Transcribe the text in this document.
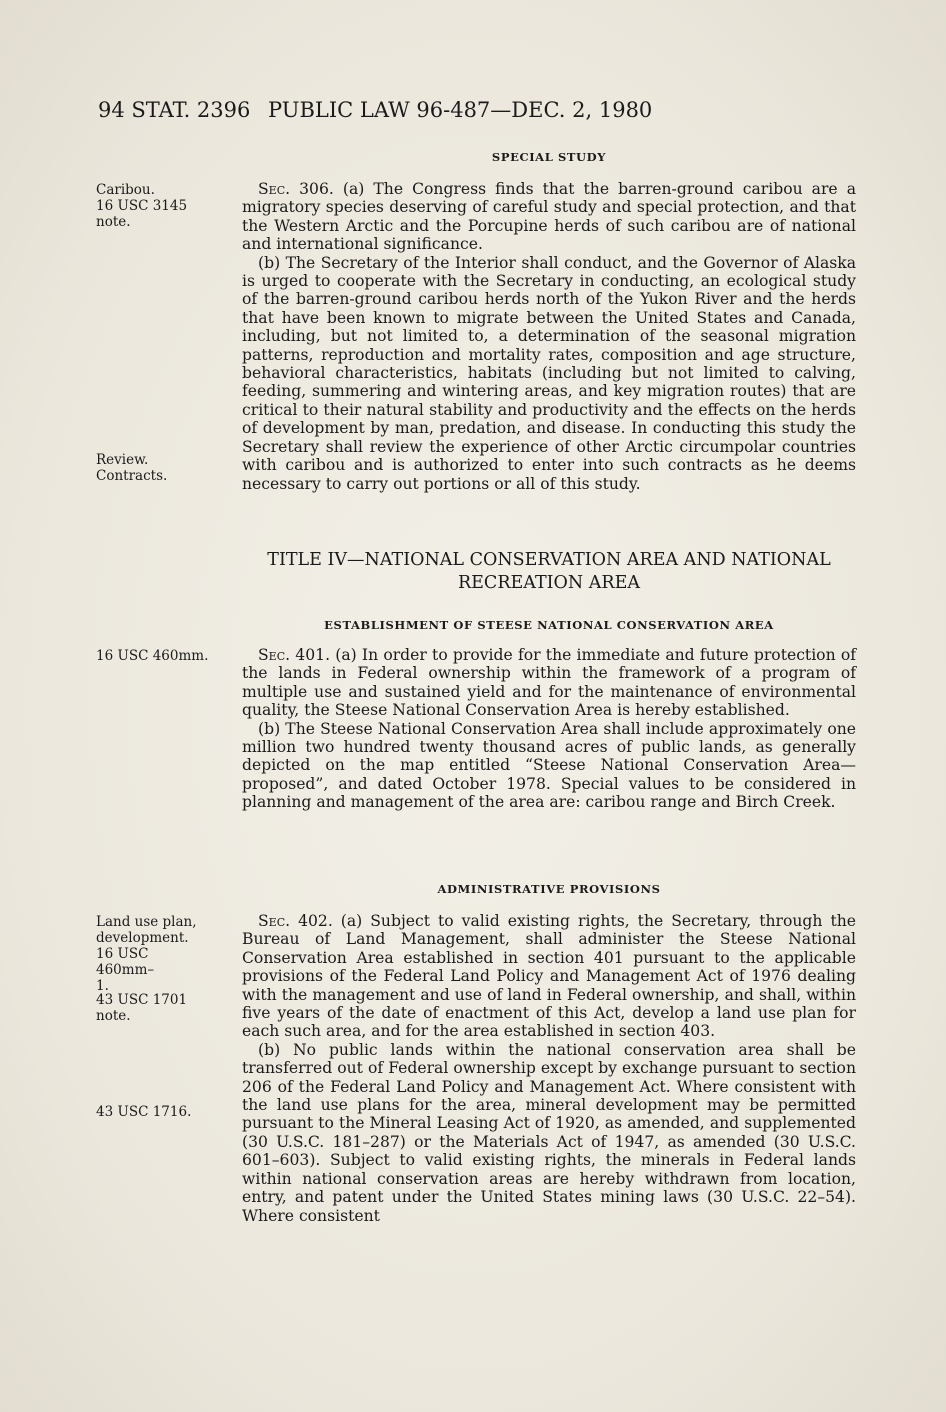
94 STAT. 2396 PUBLIC LAW 96-487—DEC. 2, 1980
Caribou.
16 USC 3145 note.
Review.
Contracts.
16 USC 460mm.
Land use plan, development.
16 USC 460mm–1.
43 USC 1701 note.
43 USC 1716.
SPECIAL STUDY

Sec. 306. (a) The Congress finds that the barren-ground caribou are a migratory species deserving of careful study and special protection, and that the Western Arctic and the Porcupine herds of such caribou are of national and international significance.

(b) The Secretary of the Interior shall conduct, and the Governor of Alaska is urged to cooperate with the Secretary in conducting, an ecological study of the barren-ground caribou herds north of the Yukon River and the herds that have been known to migrate between the United States and Canada, including, but not limited to, a determination of the seasonal migration patterns, reproduction and mortality rates, composition and age structure, behavioral characteristics, habitats (including but not limited to calving, feeding, summering and wintering areas, and key migration routes) that are critical to their natural stability and productivity and the effects on the herds of development by man, predation, and disease. In conducting this study the Secretary shall review the experience of other Arctic circumpolar countries with caribou and is authorized to enter into such contracts as he deems necessary to carry out portions or all of this study.

TITLE IV—NATIONAL CONSERVATION AREA AND NATIONAL
RECREATION AREA
ESTABLISHMENT OF STEESE NATIONAL CONSERVATION AREA

Sec. 401. (a) In order to provide for the immediate and future protection of the lands in Federal ownership within the framework of a program of multiple use and sustained yield and for the maintenance of environmental quality, the Steese National Conservation Area is hereby established.

(b) The Steese National Conservation Area shall include approximately one million two hundred twenty thousand acres of public lands, as generally depicted on the map entitled “Steese National Conservation Area—proposed”, and dated October 1978. Special values to be considered in planning and management of the area are: caribou range and Birch Creek.

ADMINISTRATIVE PROVISIONS

Sec. 402. (a) Subject to valid existing rights, the Secretary, through the Bureau of Land Management, shall administer the Steese National Conservation Area established in section 401 pursuant to the applicable provisions of the Federal Land Policy and Management Act of 1976 dealing with the management and use of land in Federal ownership, and shall, within five years of the date of enactment of this Act, develop a land use plan for each such area, and for the area established in section 403.

(b) No public lands within the national conservation area shall be transferred out of Federal ownership except by exchange pursuant to section 206 of the Federal Land Policy and Management Act. Where consistent with the land use plans for the area, mineral development may be permitted pursuant to the Mineral Leasing Act of 1920, as amended, and supplemented (30 U.S.C. 181–287) or the Materials Act of 1947, as amended (30 U.S.C. 601–603). Subject to valid existing rights, the minerals in Federal lands within national conservation areas are hereby withdrawn from location, entry, and patent under the United States mining laws (30 U.S.C. 22–54). Where consistent
